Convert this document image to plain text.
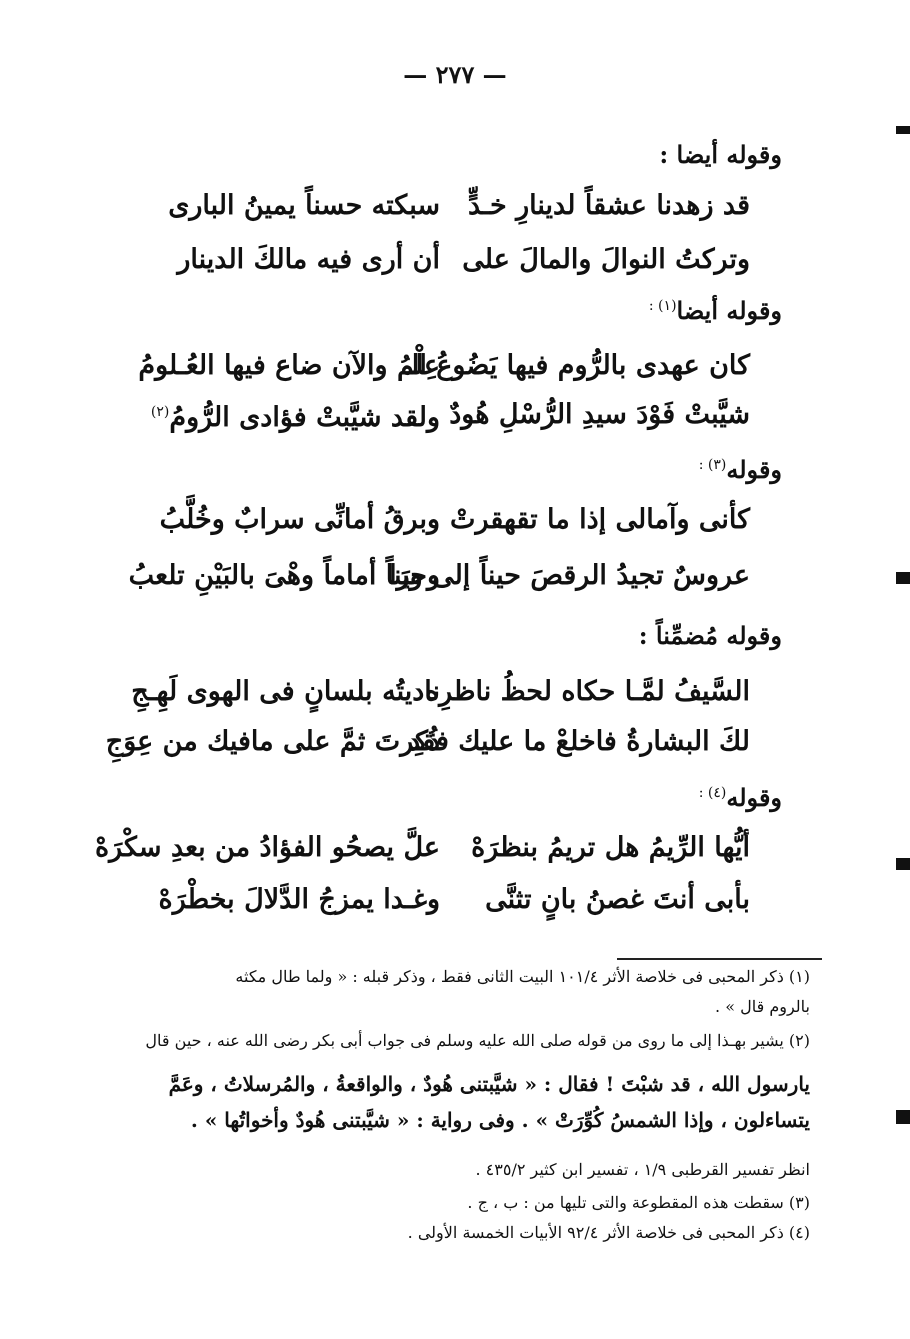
— ٢٧٧ —
وقوله أيضا :
قد زهدنا عشقاً لدينارِ خـدٍّ
سبكته حسناً يمينُ البارى
وتركتُ النوالَ والمالَ على
أن أرى فيه مالكَ الدينار
وقوله أيضا$^{(١) :}$
كان عهدى بالرُّوم فيها يَضُوعُ الـ
عِلْمُ والآن ضاع فيها العُـلومُ
شيَّبتْ فَوْدَ سيدِ الرُّسْلِ هُودٌ
ولقد شيَّبتْ فؤادى الرُّومُ$^{(٢)}$
وقوله$^{(٣) :}$
كأنى وآمالى إذا ما تقهقرتْ
وبرقُ أمانِّى سرابٌ وخُلَّبُ
عروسٌ تجيدُ الرقصَ حيناً إلى ورَا
وحيناً أماماً وهْىَ بالبَيْنِ تلعبُ
وقوله مُضمِّناً :
السَّيفُ لمَّـا حكاه لحظُ ناظرِه
ناديتُه بلسانٍ فى الهوى لَهِـجِ
لكَ البشارةُ فاخلعْ ما عليك فقد
ذُكِرتَ ثمَّ على مافيك من عِوَجِ
وقوله$^{(٤) :}$
أيُّها الرِّيمُ هل تريمُ بنظرَهْ
علَّ يصحُو الفؤادُ من بعدِ سكْرَهْ
بأبى أنتَ غصنُ بانٍ تثنَّى
وغـدا يمزجُ الدَّلالَ بخطْرَهْ
(١) ذكر المحبى فى خلاصة الأثر ١٠١/٤ البيت الثانى فقط ، وذكر قبله : « ولما طال مكثه
بالروم قال » .
(٢) يشير بهـذا إلى ما روى من قوله صلى الله عليه وسلم فى جواب أبى بكر رضى الله عنه ، حين قال
يارسول الله ، قد شبْتَ ! فقال : « شيَّبتنى هُودٌ ، والواقعةُ ، والمُرسلاتُ ، وعَمَّ
يتساءلون ، وإذا الشمسُ كُوِّرَتْ » . وفى رواية : « شيَّبتنى هُودٌ وأخواتُها » .
انظر تفسير القرطبى ١/٩ ، تفسير ابن كثير ٤٣٥/٢ .
(٣) سقطت هذه المقطوعة والتى تليها من : ب ، ج .
(٤) ذكر المحبى فى خلاصة الأثر ٩٢/٤ الأبيات الخمسة الأولى .
